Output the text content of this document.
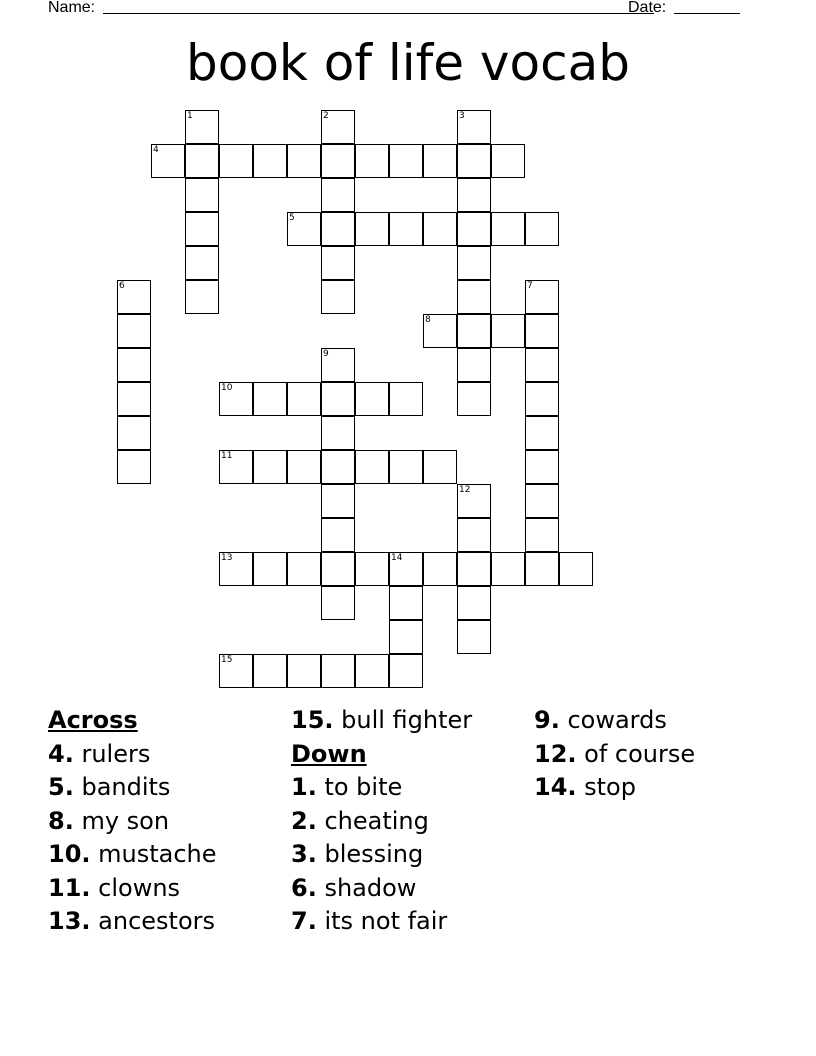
Name:	Date:
book of life vocab
1	2	3
4
5
6	7
8
9
10
11
12
13	14
15
Across
4. rulers
5. bandits
8. my son
10. mustache
11. clowns
13. ancestors
15. bull fighter
Down
1. to bite
2. cheating
3. blessing
6. shadow
7. its not fair
9. cowards
12. of course
14. stop
